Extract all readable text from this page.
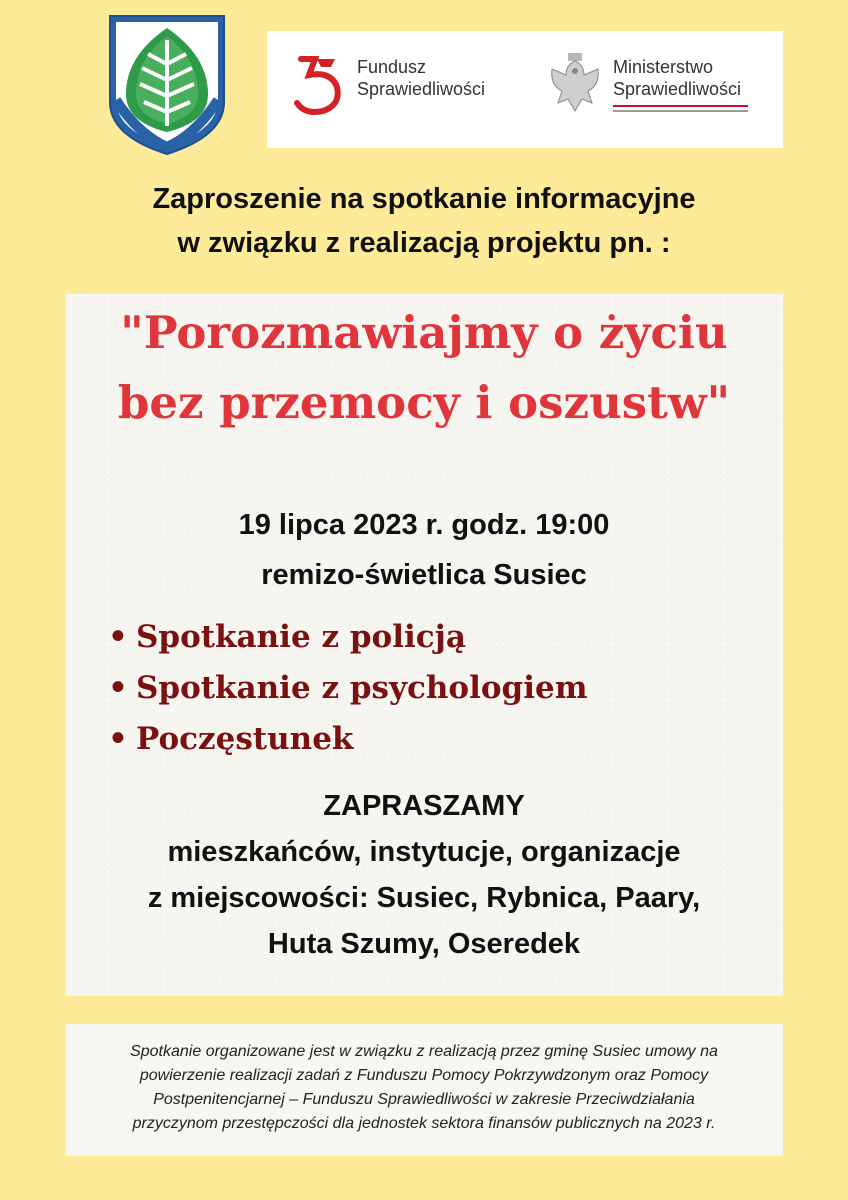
Fundusz
Sprawiedliwości
Ministerstwo
Sprawiedliwości
Zaproszenie na spotkanie informacyjne
w związku z realizacją projektu pn. :
"Porozmawiajmy o życiu
bez przemocy i oszustw"
19 lipca 2023 r. godz. 19:00
remizo-świetlica Susiec
• Spotkanie z policją
• Spotkanie z psychologiem
• Poczęstunek
ZAPRASZAMY
mieszkańców, instytucje, organizacje
z miejscowości: Susiec, Rybnica, Paary,
Huta Szumy, Oseredek
Spotkanie organizowane jest w związku z realizacją przez gminę Susiec umowy na
powierzenie realizacji zadań z Funduszu Pomocy Pokrzywdzonym oraz Pomocy
Postpenitencjarnej – Funduszu Sprawiedliwości w zakresie Przeciwdziałania
przyczynom przestępczości dla jednostek sektora finansów publicznych na 2023 r.
